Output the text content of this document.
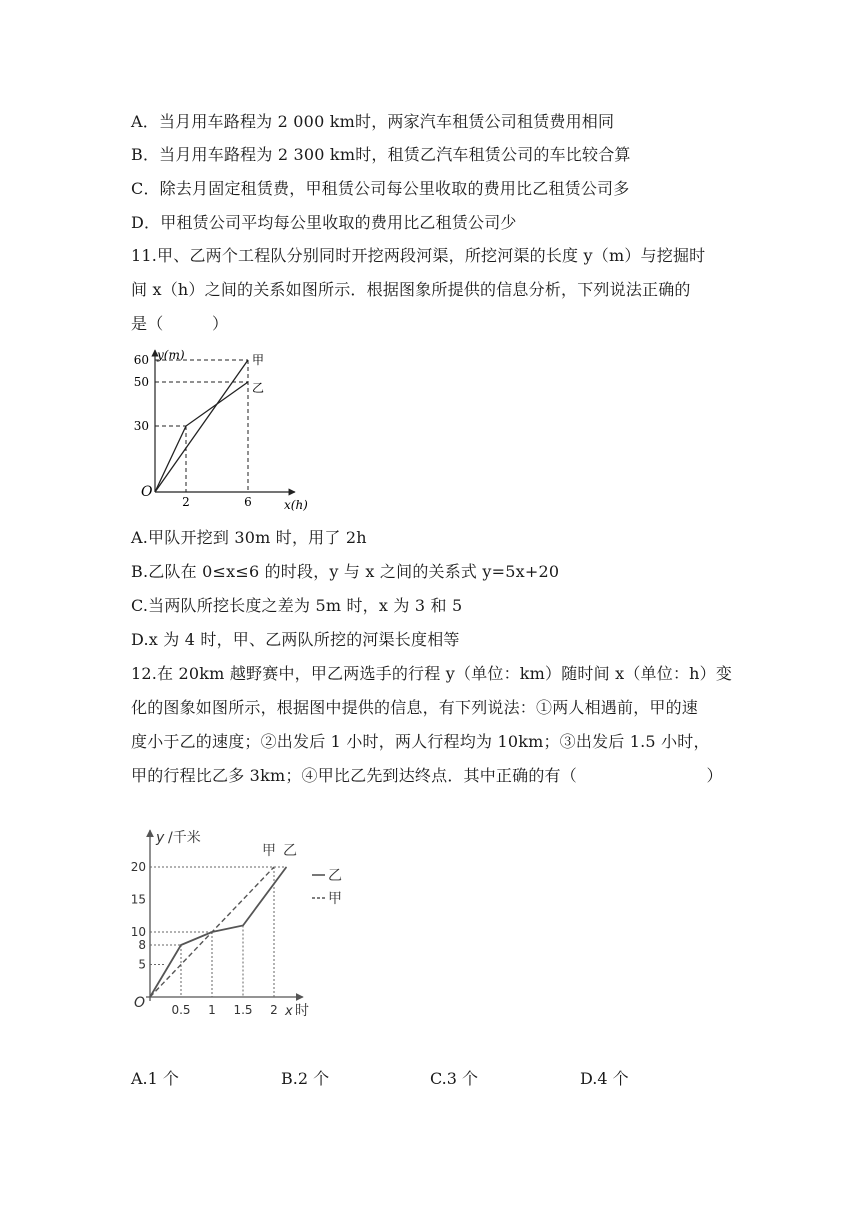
A．当月用车路程为 2 000 km时，两家汽车租赁公司租赁费用相同
B．当月用车路程为 2 300 km时，租赁乙汽车租赁公司的车比较合算
C．除去月固定租赁费，甲租赁公司每公里收取的费用比乙租赁公司多
D．甲租赁公司平均每公里收取的费用比乙租赁公司少
11.甲、乙两个工程队分别同时开挖两段河渠，所挖河渠的长度 y（m）与挖掘时
间 x（h）之间的关系如图所示．根据图象所提供的信息分析，下列说法正确的
是（　　　）
30
50
60
2	6
O
y(m)
x(h)
甲
乙
A.甲队开挖到 30m 时，用了 2h
B.乙队在 0≤x≤6 的时段，y 与 x 之间的关系式 y=5x+20
C.当两队所挖长度之差为 5m 时，x 为 3 和 5
D.x 为 4 时，甲、乙两队所挖的河渠长度相等
12.在 20km 越野赛中，甲乙两选手的行程 y（单位：km）随时间 x（单位：h）变
化的图象如图所示，根据图中提供的信息，有下列说法：①两人相遇前，甲的速
度小于乙的速度；②出发后 1 小时，两人行程均为 10km；③出发后 1.5 小时，
甲的行程比乙多 3km；④甲比乙先到达终点．其中正确的有（　　　　　　　　）
5
8
10
15
20
0.5 1 1.5 2
O
y /千米
x 时
甲 乙
乙
甲
A.1 个	B.2 个	C.3 个	D.4 个
